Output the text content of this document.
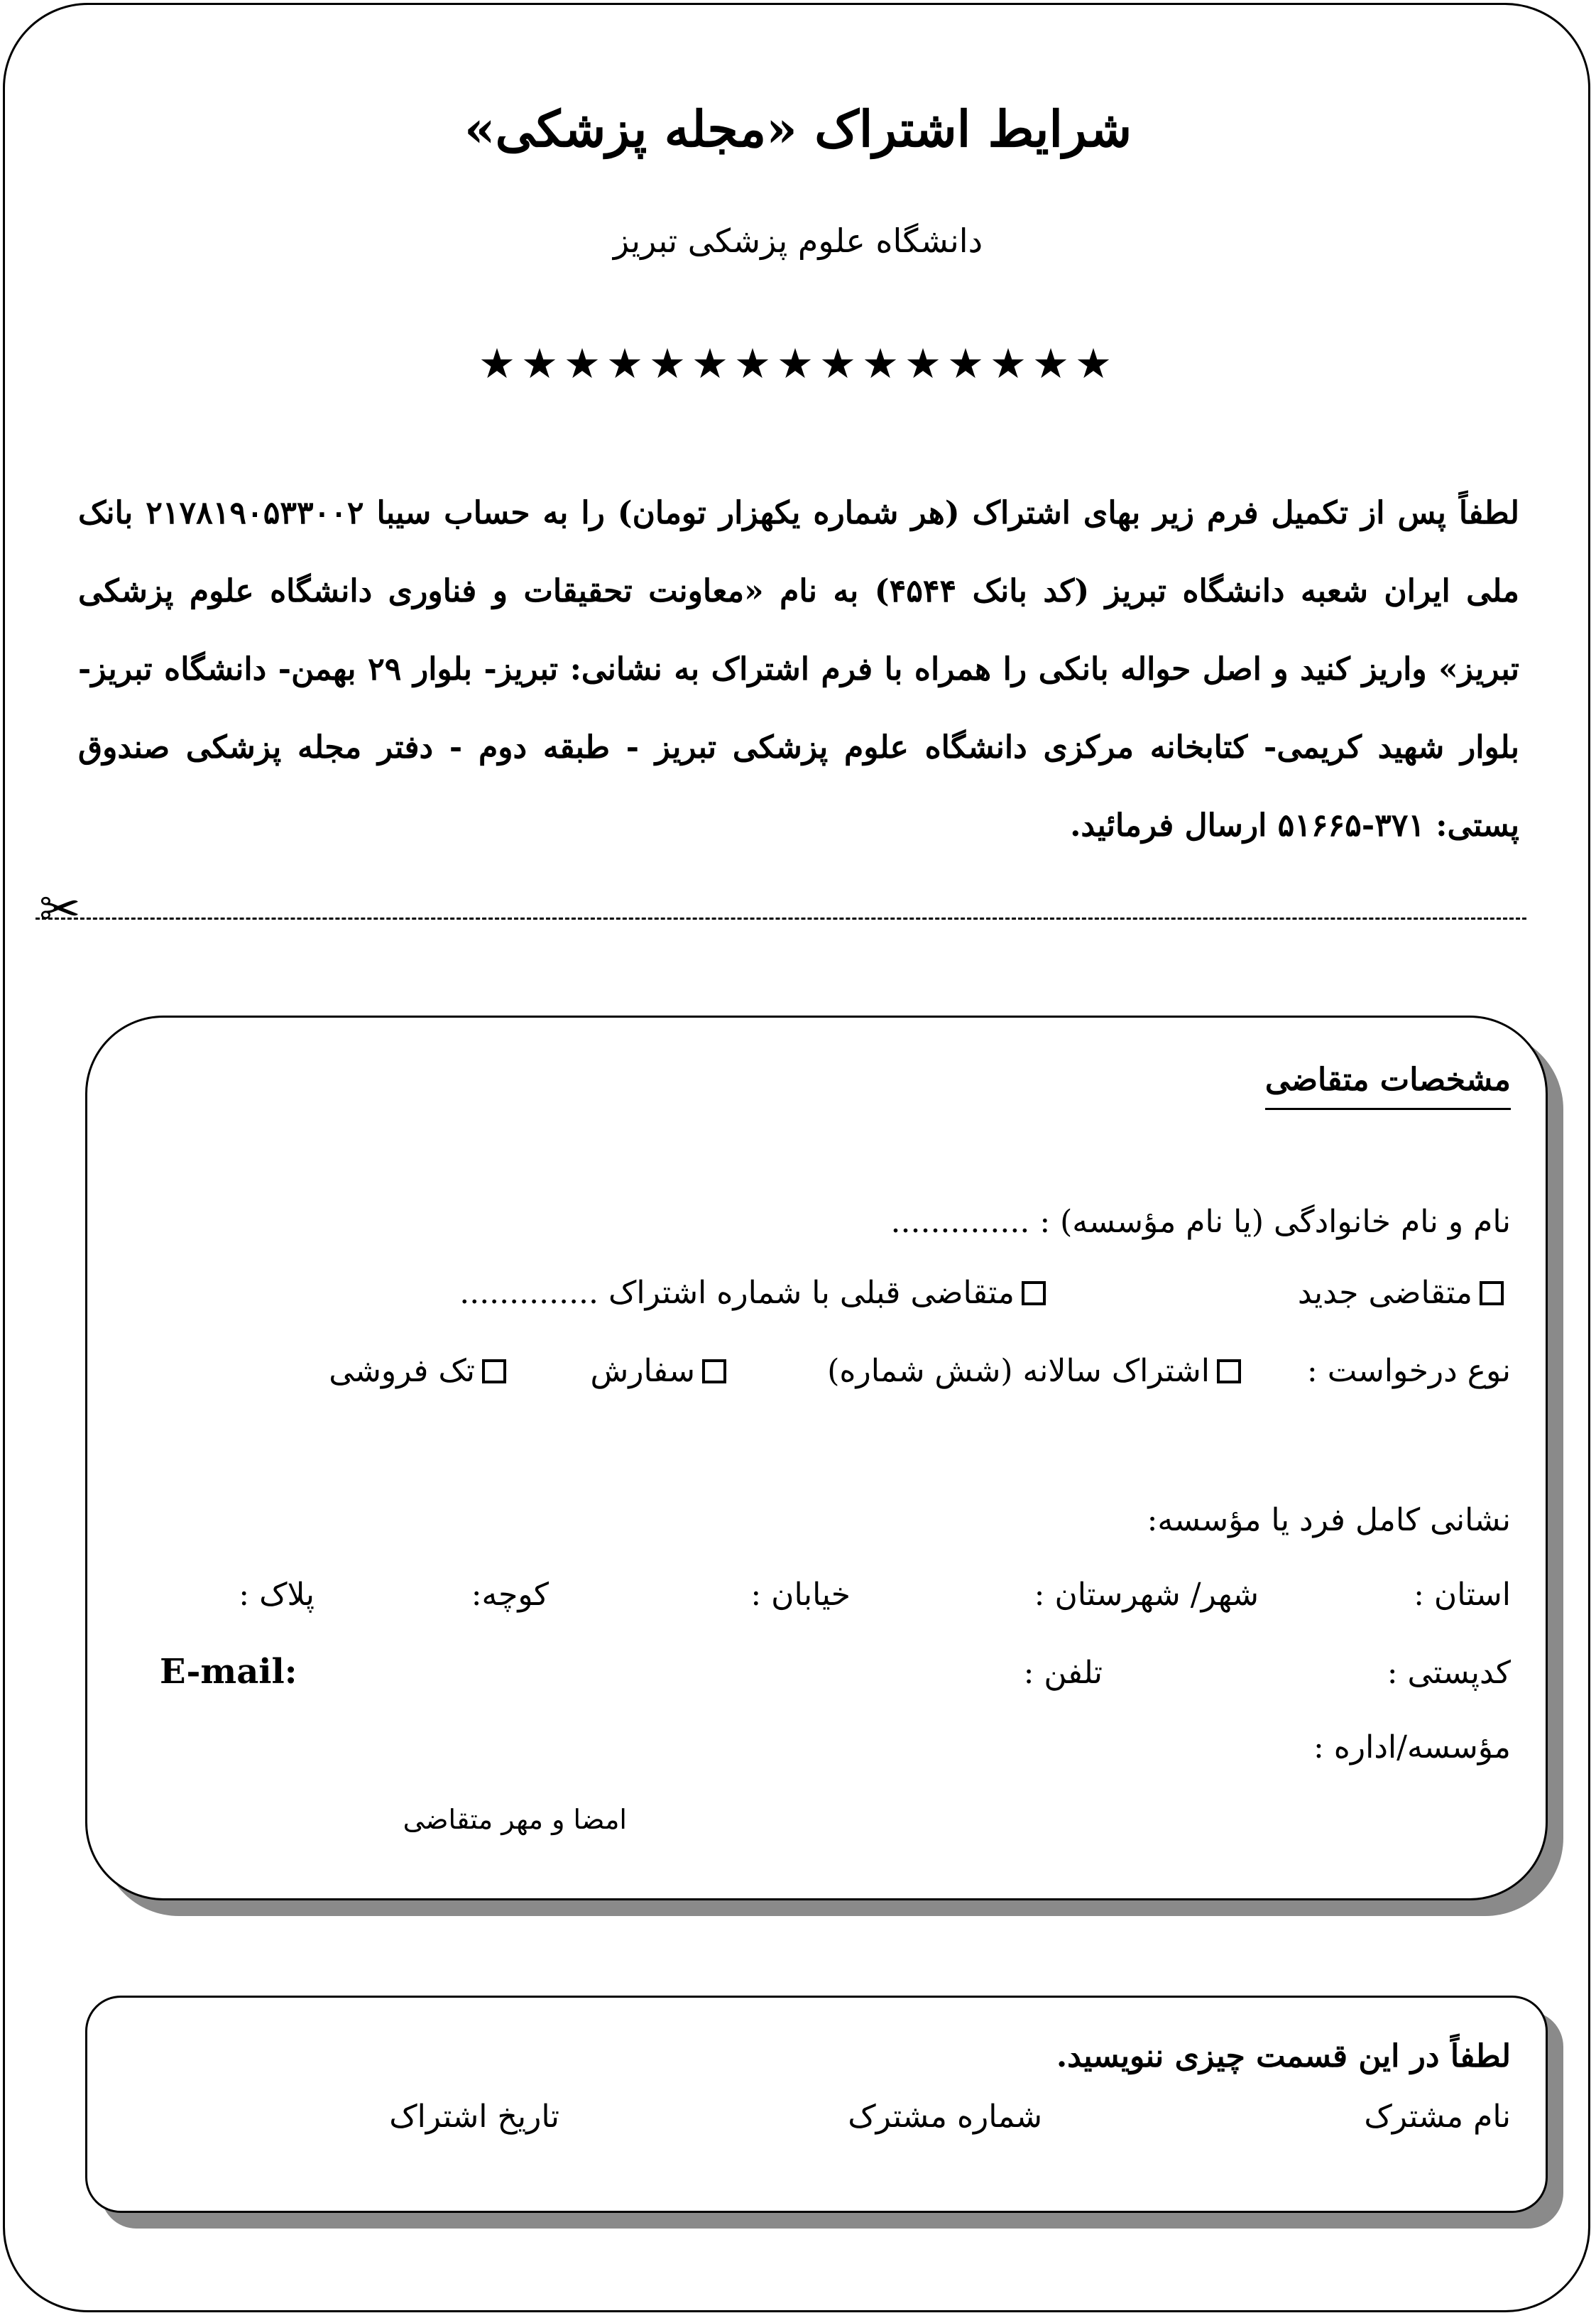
شرایط اشتراک «مجله پزشکی»
دانشگاه علوم پزشکی تبریز
★★★★★★★★★★★★★★★
لطفاً پس از تکمیل فرم زیر بهای اشتراک (هر شماره یکهزار تومان) را به حساب سیبا ۲۱۷۸۱۹۰۵۳۳۰۰۲ بانک ملی ایران شعبه دانشگاه تبریز (کد بانک ۴۵۴۴) به نام «معاونت تحقیقات و فناوری دانشگاه علوم پزشکی تبریز» واریز کنید و اصل حواله بانکی را همراه با فرم اشتراک به نشانی: تبریز- بلوار ۲۹ بهمن- دانشگاه تبریز- بلوار شهید کریمی- کتابخانه مرکزی دانشگاه علوم پزشکی تبریز - طبقه دوم - دفتر مجله پزشکی صندوق پستی: ۳۷۱-۵۱۶۶۵ ارسال فرمائید.
✂
مشخصات متقاضی
نام و نام خانوادگی (یا نام مؤسسه) : ..............
متقاضی جدید
متقاضی قبلی با شماره اشتراک ..............
نوع درخواست :
اشتراک سالانه (شش شماره)
سفارش
تک فروشی
نشانی کامل فرد یا مؤسسه:
استان :
شهر/ شهرستان :
خیابان :
کوچه:
پلاک :
کدپستی :
تلفن :
E-mail:
مؤسسه/اداره :
امضا و مهر متقاضی
لطفاً در این قسمت چیزی ننویسید.
نام مشترک
شماره مشترک
تاریخ اشتراک
